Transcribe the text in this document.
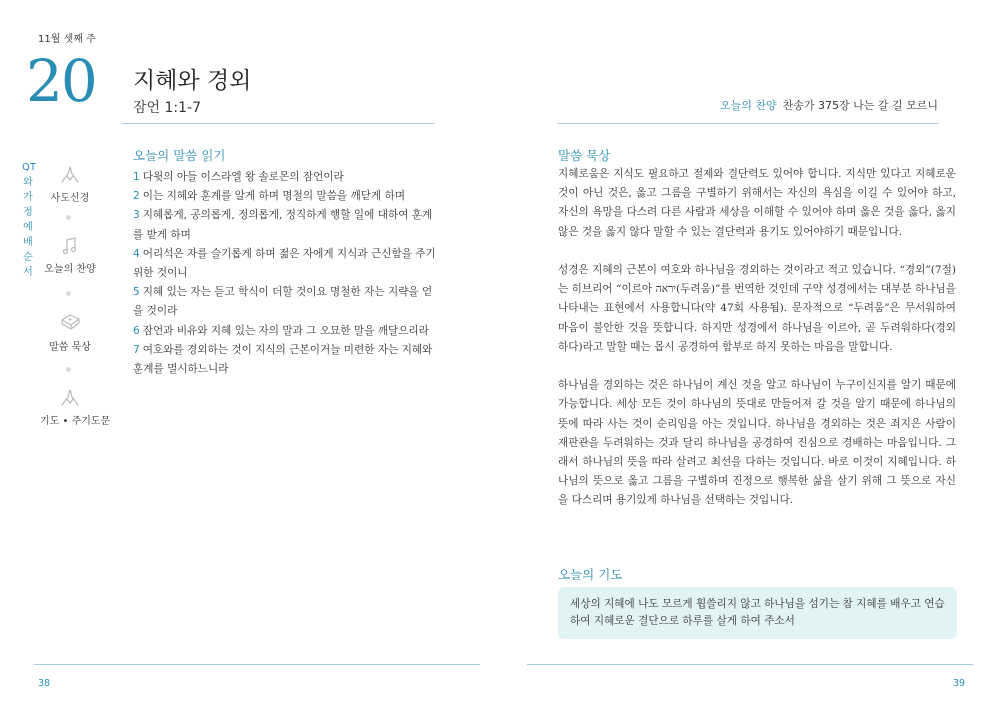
11월 셋째 주
20 지혜와 경외
잠언 1:1-7	오늘의 찬양 찬송가 375장 나는 갈 길 모르니
QT와 가정예배 순서
사도신경
오늘의 찬양
말씀 묵상
기도 • 주기도문
오늘의 말씀 읽기
1 다윗의 아들 이스라엘 왕 솔로몬의 잠언이라
2 이는 지혜와 훈계를 알게 하며 명철의 말씀을 깨닫게 하며
3 지혜롭게, 공의롭게, 정의롭게, 정직하게 행할 일에 대하여 훈계를 받게 하며
4 어리석은 자를 슬기롭게 하며 젊은 자에게 지식과 근신함을 주기 위한 것이니
5 지혜 있는 자는 듣고 학식이 더할 것이요 명철한 자는 지략을 얻을 것이라
6 잠언과 비유와 지혜 있는 자의 말과 그 오묘한 말을 깨달으리라
7 여호와를 경외하는 것이 지식의 근본이거늘 미련한 자는 지혜와 훈계를 멸시하느니라
말씀 묵상

지혜로움은 지식도 필요하고 절제와 결단력도 있어야 합니다. 지식만 있다고 지혜로운 것이 아닌 것은, 옳고 그름을 구별하기 위해서는 자신의 욕심을 이길 수 있어야 하고, 자신의 욕망을 다스려 다른 사람과 세상을 이해할 수 있어야 하며 옳은 것을 옳다, 옳지 않은 것을 옳지 않다 말할 수 있는 결단력과 용기도 있어야하기 때문입니다.

성경은 지혜의 근본이 여호와 하나님을 경외하는 것이라고 적고 있습니다. “경외”(7절)는 히브리어 “이르아 יראה(두려움)”를 번역한 것인데 구약 성경에서는 대부분 하나님을 나타내는 표현에서 사용합니다(약 47회 사용됨). 문자적으로 “두려움”은 무서워하여 마음이 불안한 것을 뜻합니다. 하지만 성경에서 하나님을 이르아, 곧 두려워하다(경외하다)라고 말할 때는 몹시 공경하여 함부로 하지 못하는 마음을 말합니다.

하나님을 경외하는 것은 하나님이 계신 것을 알고 하나님이 누구이신지를 알기 때문에 가능합니다. 세상 모든 것이 하나님의 뜻대로 만들어져 갈 것을 알기 때문에 하나님의 뜻에 따라 사는 것이 순리임을 아는 것입니다. 하나님을 경외하는 것은 죄지은 사람이 재판관을 두려워하는 것과 달리 하나님을 공경하여 진심으로 경배하는 마음입니다. 그래서 하나님의 뜻을 따라 살려고 최선을 다하는 것입니다. 바로 이것이 지혜입니다. 하나님의 뜻으로 옳고 그름을 구별하며 진정으로 행복한 삶을 살기 위해 그 뜻으로 자신을 다스리며 용기있게 하나님을 선택하는 것입니다.

오늘의 기도
세상의 지혜에 나도 모르게 휩쓸리지 않고 하나님을 섬기는 참 지혜를 배우고 연습하여 지혜로운 결단으로 하루를 살게 하여 주소서
38	39
